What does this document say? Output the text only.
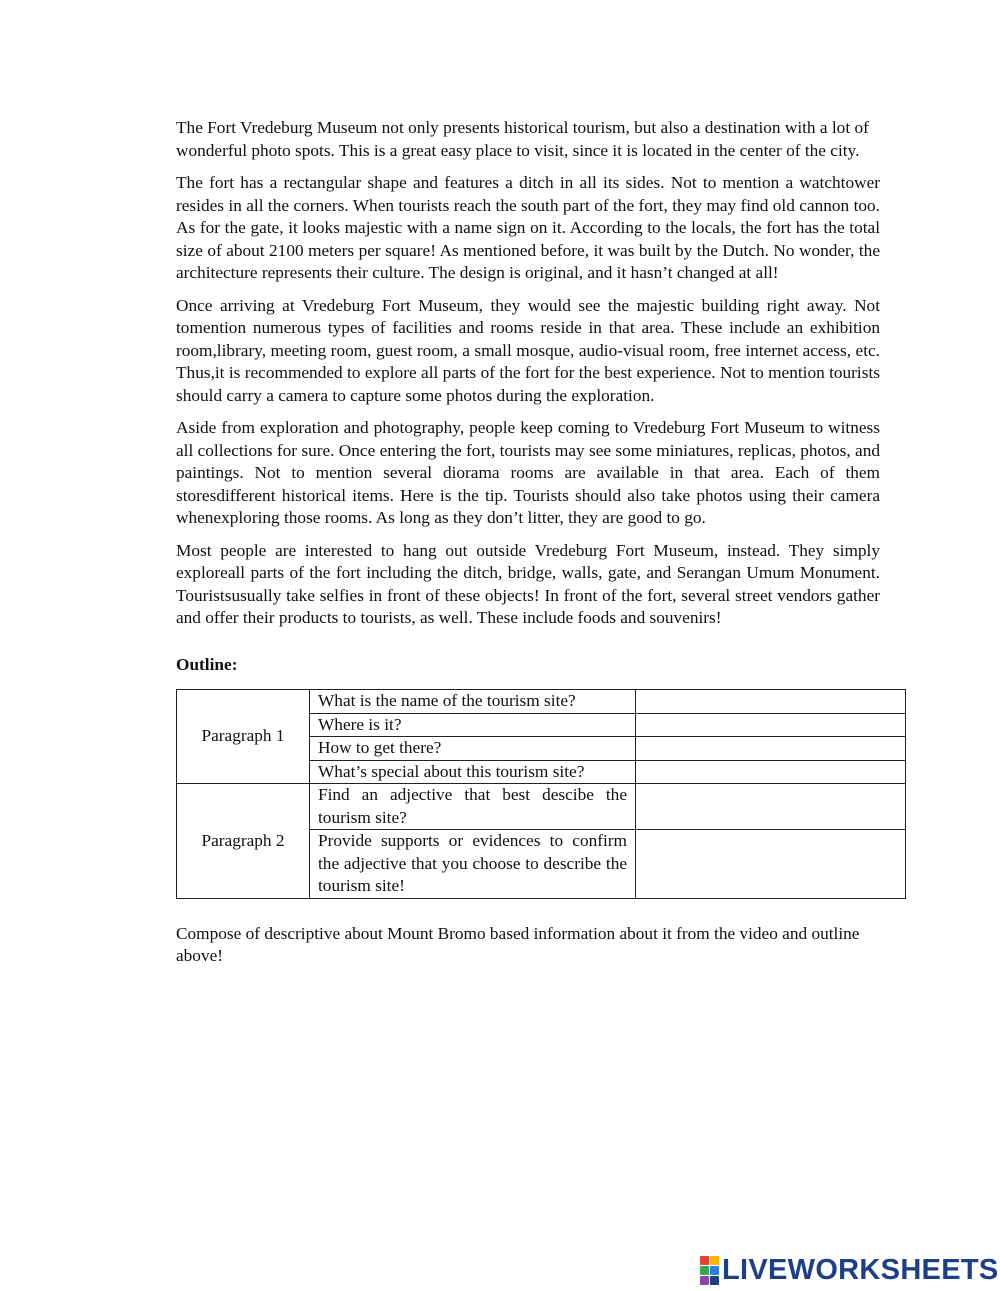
The Fort Vredeburg Museum not only presents historical tourism, but also a destination with a lot of wonderful photo spots. This is a great easy place to visit, since it is located in the center of the city.

The fort has a rectangular shape and features a ditch in all its sides. Not to mention a watchtower resides in all the corners. When tourists reach the south part of the fort, they may find old cannon too. As for the gate, it looks majestic with a name sign on it. According to the locals, the fort has the total size of about 2100 meters per square! As mentioned before, it was built by the Dutch. No wonder, the architecture represents their culture. The design is original, and it hasn’t changed at all!

Once arriving at Vredeburg Fort Museum, they would see the majestic building right away. Not tomention numerous types of facilities and rooms reside in that area. These include an exhibition room,library, meeting room, guest room, a small mosque, audio-visual room, free internet access, etc. Thus,it is recommended to explore all parts of the fort for the best experience. Not to mention tourists should carry a camera to capture some photos during the exploration.

Aside from exploration and photography, people keep coming to Vredeburg Fort Museum to witness all collections for sure. Once entering the fort, tourists may see some miniatures, replicas, photos, and paintings. Not to mention several diorama rooms are available in that area. Each of them storesdifferent historical items. Here is the tip. Tourists should also take photos using their camera whenexploring those rooms. As long as they don’t litter, they are good to go.

Most people are interested to hang out outside Vredeburg Fort Museum, instead. They simply exploreall parts of the fort including the ditch, bridge, walls, gate, and Serangan Umum Monument. Touristsusually take selfies in front of these objects! In front of the fort, several street vendors gather and offer their products to tourists, as well. These include foods and souvenirs!

Outline:
Paragraph 1	What is the name of the tourism site?	
	Where is it?	
	How to get there?	
	What’s special about this tourism site?	
Paragraph 2	Find an adjective that best descibe the tourism site?	
	Provide supports or evidences to confirm the adjective that you choose to describe the tourism site!	

Compose of descriptive about Mount Bromo based information about it from the video and outline above!

LIVEWORKSHEETS
